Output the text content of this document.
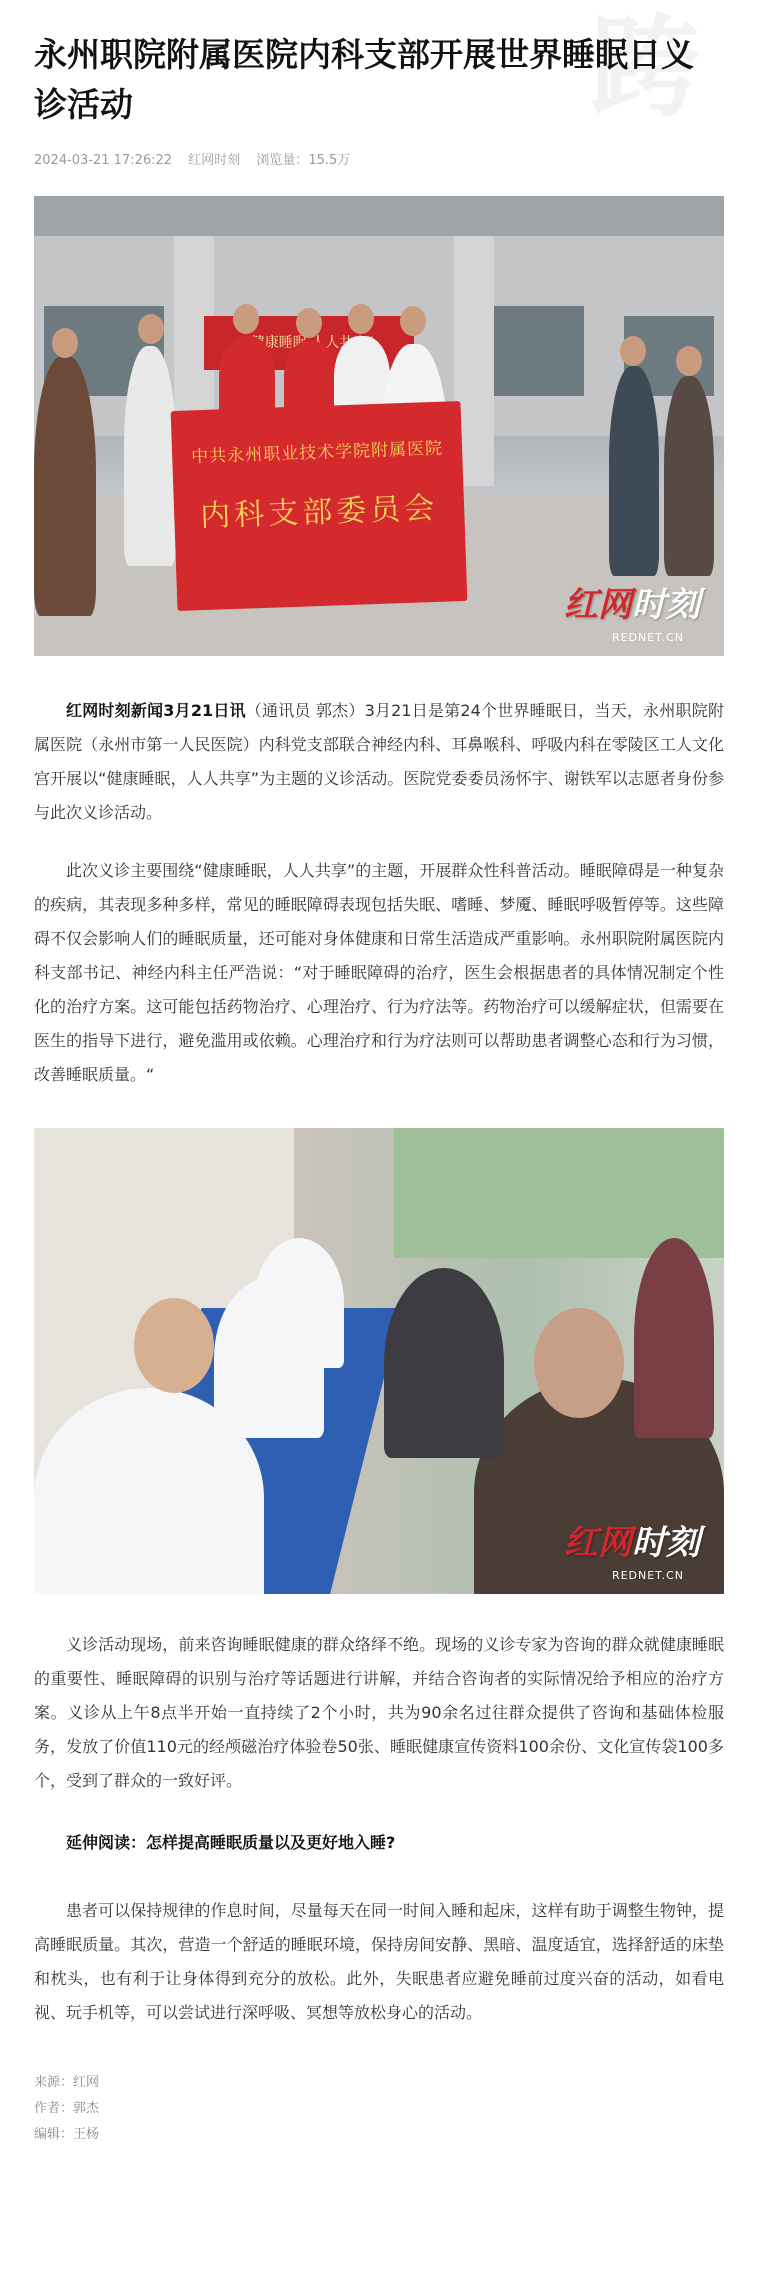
跨
永州职院附属医院内科支部开展世界睡眠日义诊活动
2024-03-21 17:26:22 红网时刻 浏览量：15.5万
"健康睡眠 人人共享"
中共永州职业技术学院附属医院
内科支部委员会
红网时刻
REDNET.CN

红网时刻新闻3月21日讯（通讯员 郭杰）3月21日是第24个世界睡眠日，当天，永州职院附属医院（永州市第一人民医院）内科党支部联合神经内科、耳鼻喉科、呼吸内科在零陵区工人文化宫开展以“健康睡眠，人人共享”为主题的义诊活动。医院党委委员汤怀宇、谢铁军以志愿者身份参与此次义诊活动。

此次义诊主要围绕“健康睡眠，人人共享”的主题，开展群众性科普活动。睡眠障碍是一种复杂的疾病，其表现多种多样，常见的睡眠障碍表现包括失眠、嗜睡、梦魇、睡眠呼吸暂停等。这些障碍不仅会影响人们的睡眠质量，还可能对身体健康和日常生活造成严重影响。永州职院附属医院内科支部书记、神经内科主任严浩说：“对于睡眠障碍的治疗，医生会根据患者的具体情况制定个性化的治疗方案。这可能包括药物治疗、心理治疗、行为疗法等。药物治疗可以缓解症状，但需要在医生的指导下进行，避免滥用或依赖。心理治疗和行为疗法则可以帮助患者调整心态和行为习惯，改善睡眠质量。“

红网时刻
REDNET.CN

义诊活动现场，前来咨询睡眠健康的群众络绎不绝。现场的义诊专家为咨询的群众就健康睡眠的重要性、睡眠障碍的识别与治疗等话题进行讲解，并结合咨询者的实际情况给予相应的治疗方案。义诊从上午8点半开始一直持续了2个小时，共为90余名过往群众提供了咨询和基础体检服务，发放了价值110元的经颅磁治疗体验卷50张、睡眠健康宣传资料100余份、文化宣传袋100多个，受到了群众的一致好评。

延伸阅读：怎样提高睡眠质量以及更好地入睡?

患者可以保持规律的作息时间，尽量每天在同一时间入睡和起床，这样有助于调整生物钟，提高睡眠质量。其次，营造一个舒适的睡眠环境，保持房间安静、黑暗、温度适宜，选择舒适的床垫和枕头，也有利于让身体得到充分的放松。此外，失眠患者应避免睡前过度兴奋的活动，如看电视、玩手机等，可以尝试进行深呼吸、冥想等放松身心的活动。

来源：红网
作者：郭杰
编辑：王杨
